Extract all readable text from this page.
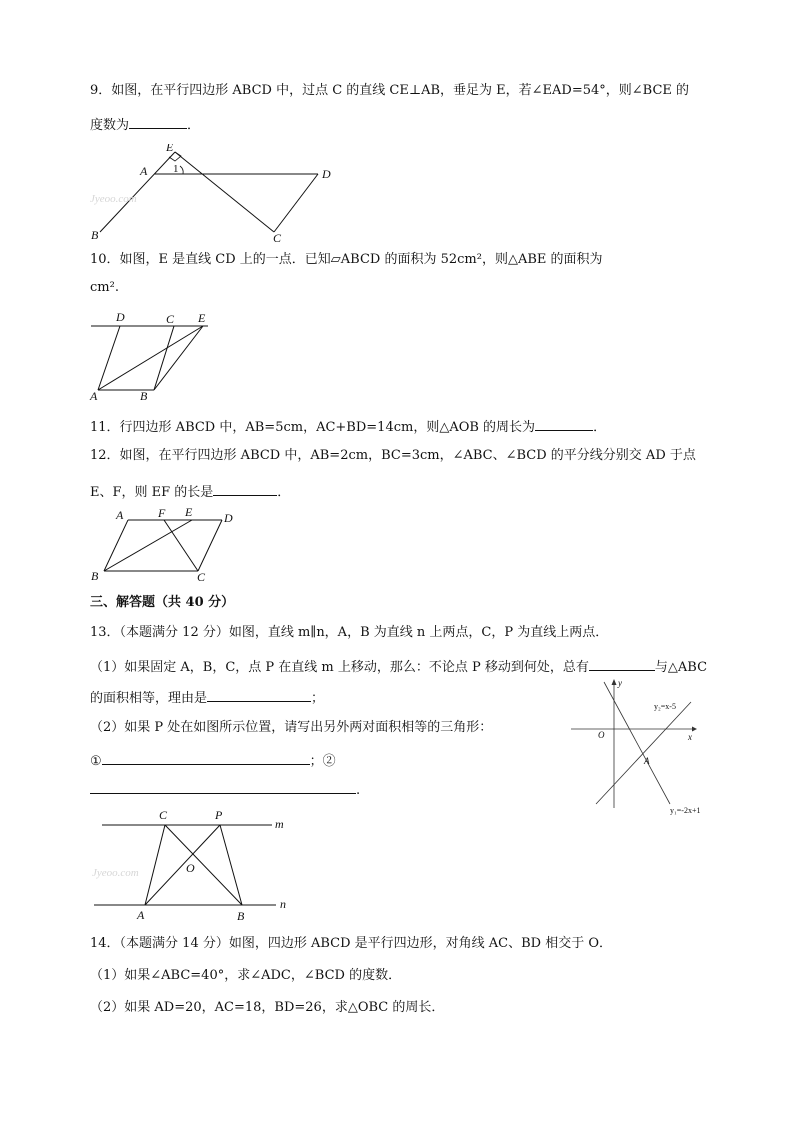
9．如图，在平行四边形 ABCD 中，过点 C 的直线 CE⊥AB，垂足为 E，若∠EAD=54°，则∠BCE 的
度数为	．
E
A 1	D
B	C
Jyeoo.com
10．如图，E 是直线 CD 上的一点．已知▱ABCD 的面积为 52cm²，则△ABE 的面积为
cm².
D	C E
A	B
11．行四边形 ABCD 中，AB=5cm，AC+BD=14cm，则△AOB 的周长为	．
12．如图，在平行四边形 ABCD 中，AB=2cm，BC=3cm，∠ABC、∠BCD 的平分线分别交 AD 于点
E、F，则 EF 的长是	．
A	F E	D
B	C
三、解答题（共 40 分）
13．（本题满分 12 分）如图，直线 m∥n，A，B 为直线 n 上两点，C，P 为直线上两点．
（1）如果固定 A，B，C，点 P 在直线 m 上移动，那么：不论点 P 移动到何处，总有	与△ABC
的面积相等，理由是	；
（2）如果 P 处在如图所示位置，请写出另外两对面积相等的三角形：
①	；②
.
y
x
O
y₂=x-5
y₁=-2x+1
A
C	P
m
O
A	B
n
Jyeoo.com
14．（本题满分 14 分）如图，四边形 ABCD 是平行四边形，对角线 AC、BD 相交于 O．
（1）如果∠ABC=40°，求∠ADC，∠BCD 的度数．
（2）如果 AD=20，AC=18，BD=26，求△OBC 的周长．
